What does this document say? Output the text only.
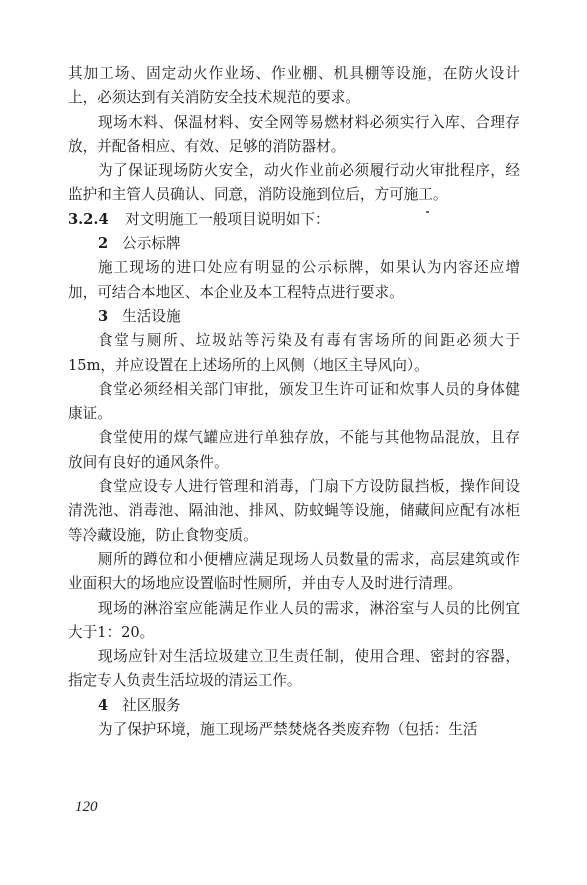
其加工场、固定动火作业场、作业棚、机具棚等设施，在防火设计上，必须达到有关消防安全技术规范的要求。

现场木料、保温材料、安全网等易燃材料必须实行入库、合理存放，并配备相应、有效、足够的消防器材。

为了保证现场防火安全，动火作业前必须履行动火审批程序，经监护和主管人员确认、同意，消防设施到位后，方可施工。

3.2.4 对文明施工一般项目说明如下：

2 公示标牌

施工现场的进口处应有明显的公示标牌，如果认为内容还应增加，可结合本地区、本企业及本工程特点进行要求。

3 生活设施

食堂与厕所、垃圾站等污染及有毒有害场所的间距必须大于15m，并应设置在上述场所的上风侧（地区主导风向）。

食堂必须经相关部门审批，颁发卫生许可证和炊事人员的身体健康证。

食堂使用的煤气罐应进行单独存放，不能与其他物品混放，且存放间有良好的通风条件。

食堂应设专人进行管理和消毒，门扇下方设防鼠挡板，操作间设清洗池、消毒池、隔油池、排风、防蚊蝇等设施，储藏间应配有冰柜等冷藏设施，防止食物变质。

厕所的蹲位和小便槽应满足现场人员数量的需求，高层建筑或作业面积大的场地应设置临时性厕所，并由专人及时进行清理。

现场的淋浴室应能满足作业人员的需求，淋浴室与人员的比例宜大于1：20。

现场应针对生活垃圾建立卫生责任制，使用合理、密封的容器，指定专人负责生活垃圾的清运工作。

4 社区服务

为了保护环境，施工现场严禁焚烧各类废弃物（包括：生活

120
